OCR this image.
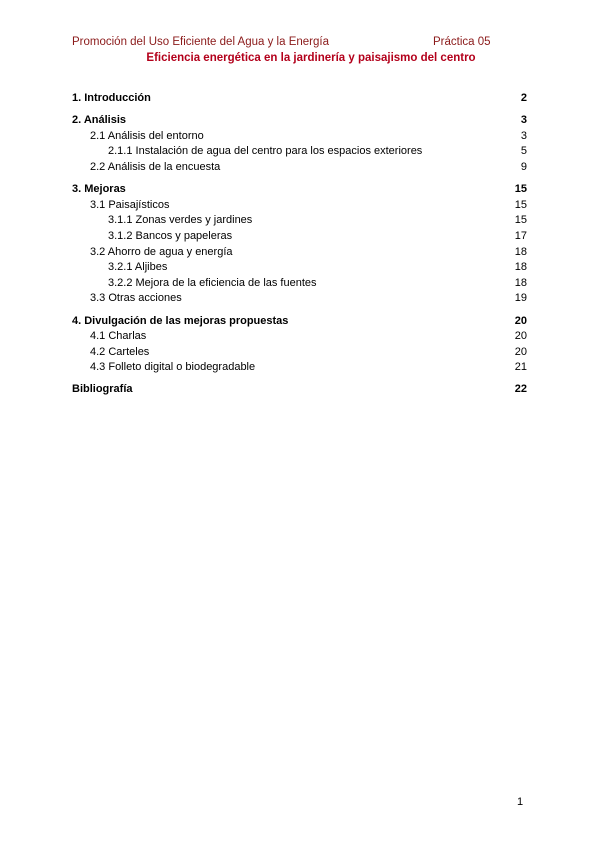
Promoción del Uso Eficiente del Agua y la Energía	Práctica 05
Eficiencia energética en la jardinería y paisajismo del centro
1. Introducción	2
2. Análisis	3
2.1 Análisis del entorno	3
2.1.1 Instalación de agua del centro para los espacios exteriores	5
2.2 Análisis de la encuesta	9
3. Mejoras	15
3.1 Paisajísticos	15
3.1.1 Zonas verdes y jardines	15
3.1.2 Bancos y papeleras	17
3.2 Ahorro de agua y energía	18
3.2.1 Aljibes	18
3.2.2 Mejora de la eficiencia de las fuentes	18
3.3 Otras acciones	19
4. Divulgación de las mejoras propuestas	20
4.1 Charlas	20
4.2 Carteles	20
4.3 Folleto digital o biodegradable	21
Bibliografía	22
1
